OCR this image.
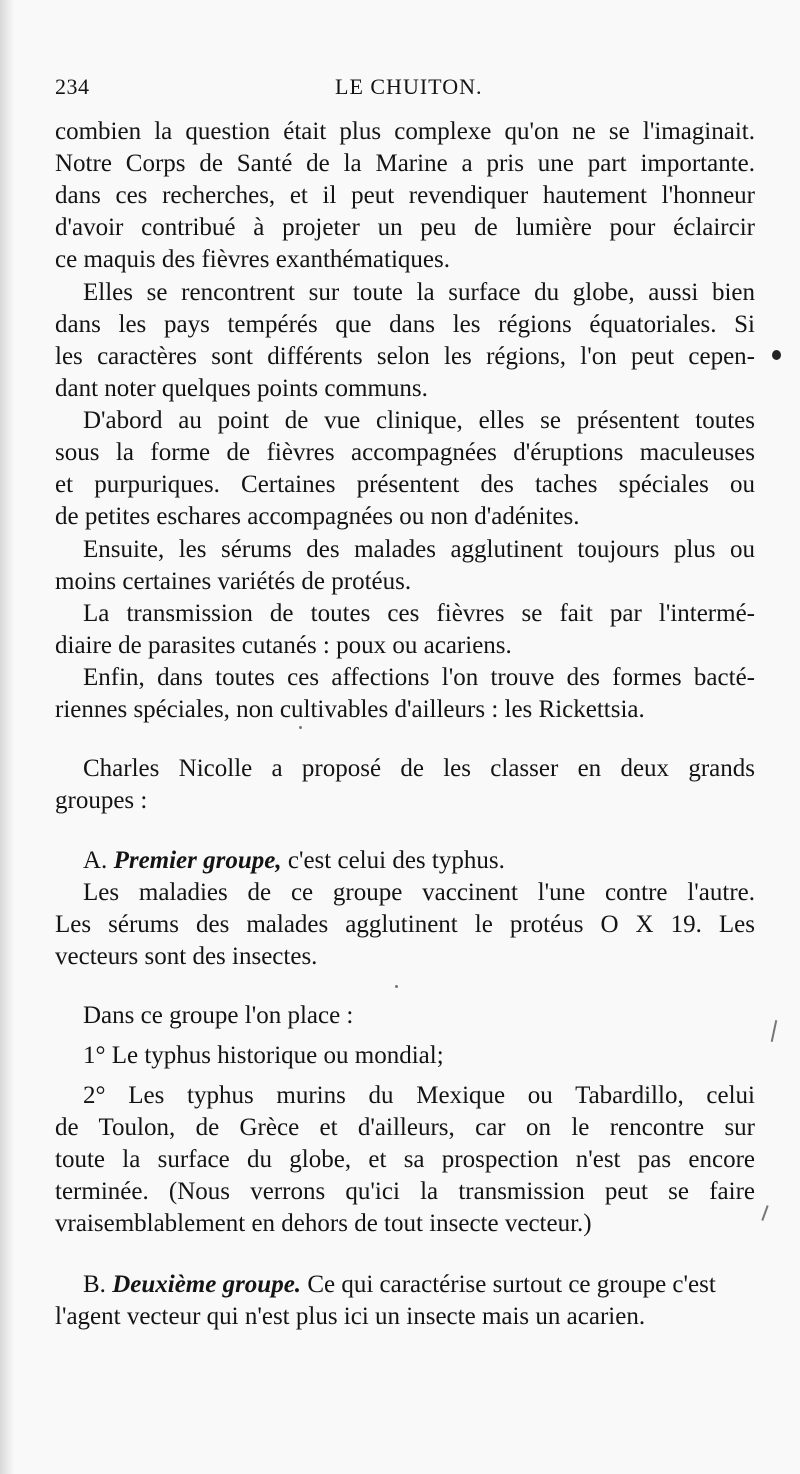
234	LE CHUITON.
combien la question était plus complexe qu'on ne se l'imaginait.
Notre Corps de Santé de la Marine a pris une part importante.
dans ces recherches, et il peut revendiquer hautement l'honneur
d'avoir contribué à projeter un peu de lumière pour éclaircir
ce maquis des fièvres exanthématiques.
Elles se rencontrent sur toute la surface du globe, aussi bien
dans les pays tempérés que dans les régions équatoriales. Si
les caractères sont différents selon les régions, l'on peut cepen-
dant noter quelques points communs.
D'abord au point de vue clinique, elles se présentent toutes
sous la forme de fièvres accompagnées d'éruptions maculeuses
et purpuriques. Certaines présentent des taches spéciales ou
de petites eschares accompagnées ou non d'adénites.
Ensuite, les sérums des malades agglutinent toujours plus ou
moins certaines variétés de protéus.
La transmission de toutes ces fièvres se fait par l'intermé-
diaire de parasites cutanés : poux ou acariens.
Enfin, dans toutes ces affections l'on trouve des formes bacté-
riennes spéciales, non cultivables d'ailleurs : les Rickettsia.
Charles Nicolle a proposé de les classer en deux grands
groupes :
A. Premier groupe, c'est celui des typhus.
Les maladies de ce groupe vaccinent l'une contre l'autre.
Les sérums des malades agglutinent le protéus O X 19. Les
vecteurs sont des insectes.
Dans ce groupe l'on place :
1° Le typhus historique ou mondial;
2° Les typhus murins du Mexique ou Tabardillo, celui
de Toulon, de Grèce et d'ailleurs, car on le rencontre sur
toute la surface du globe, et sa prospection n'est pas encore
terminée. (Nous verrons qu'ici la transmission peut se faire
vraisemblablement en dehors de tout insecte vecteur.)
B. Deuxième groupe. Ce qui caractérise surtout ce groupe c'est
l'agent vecteur qui n'est plus ici un insecte mais un acarien.
